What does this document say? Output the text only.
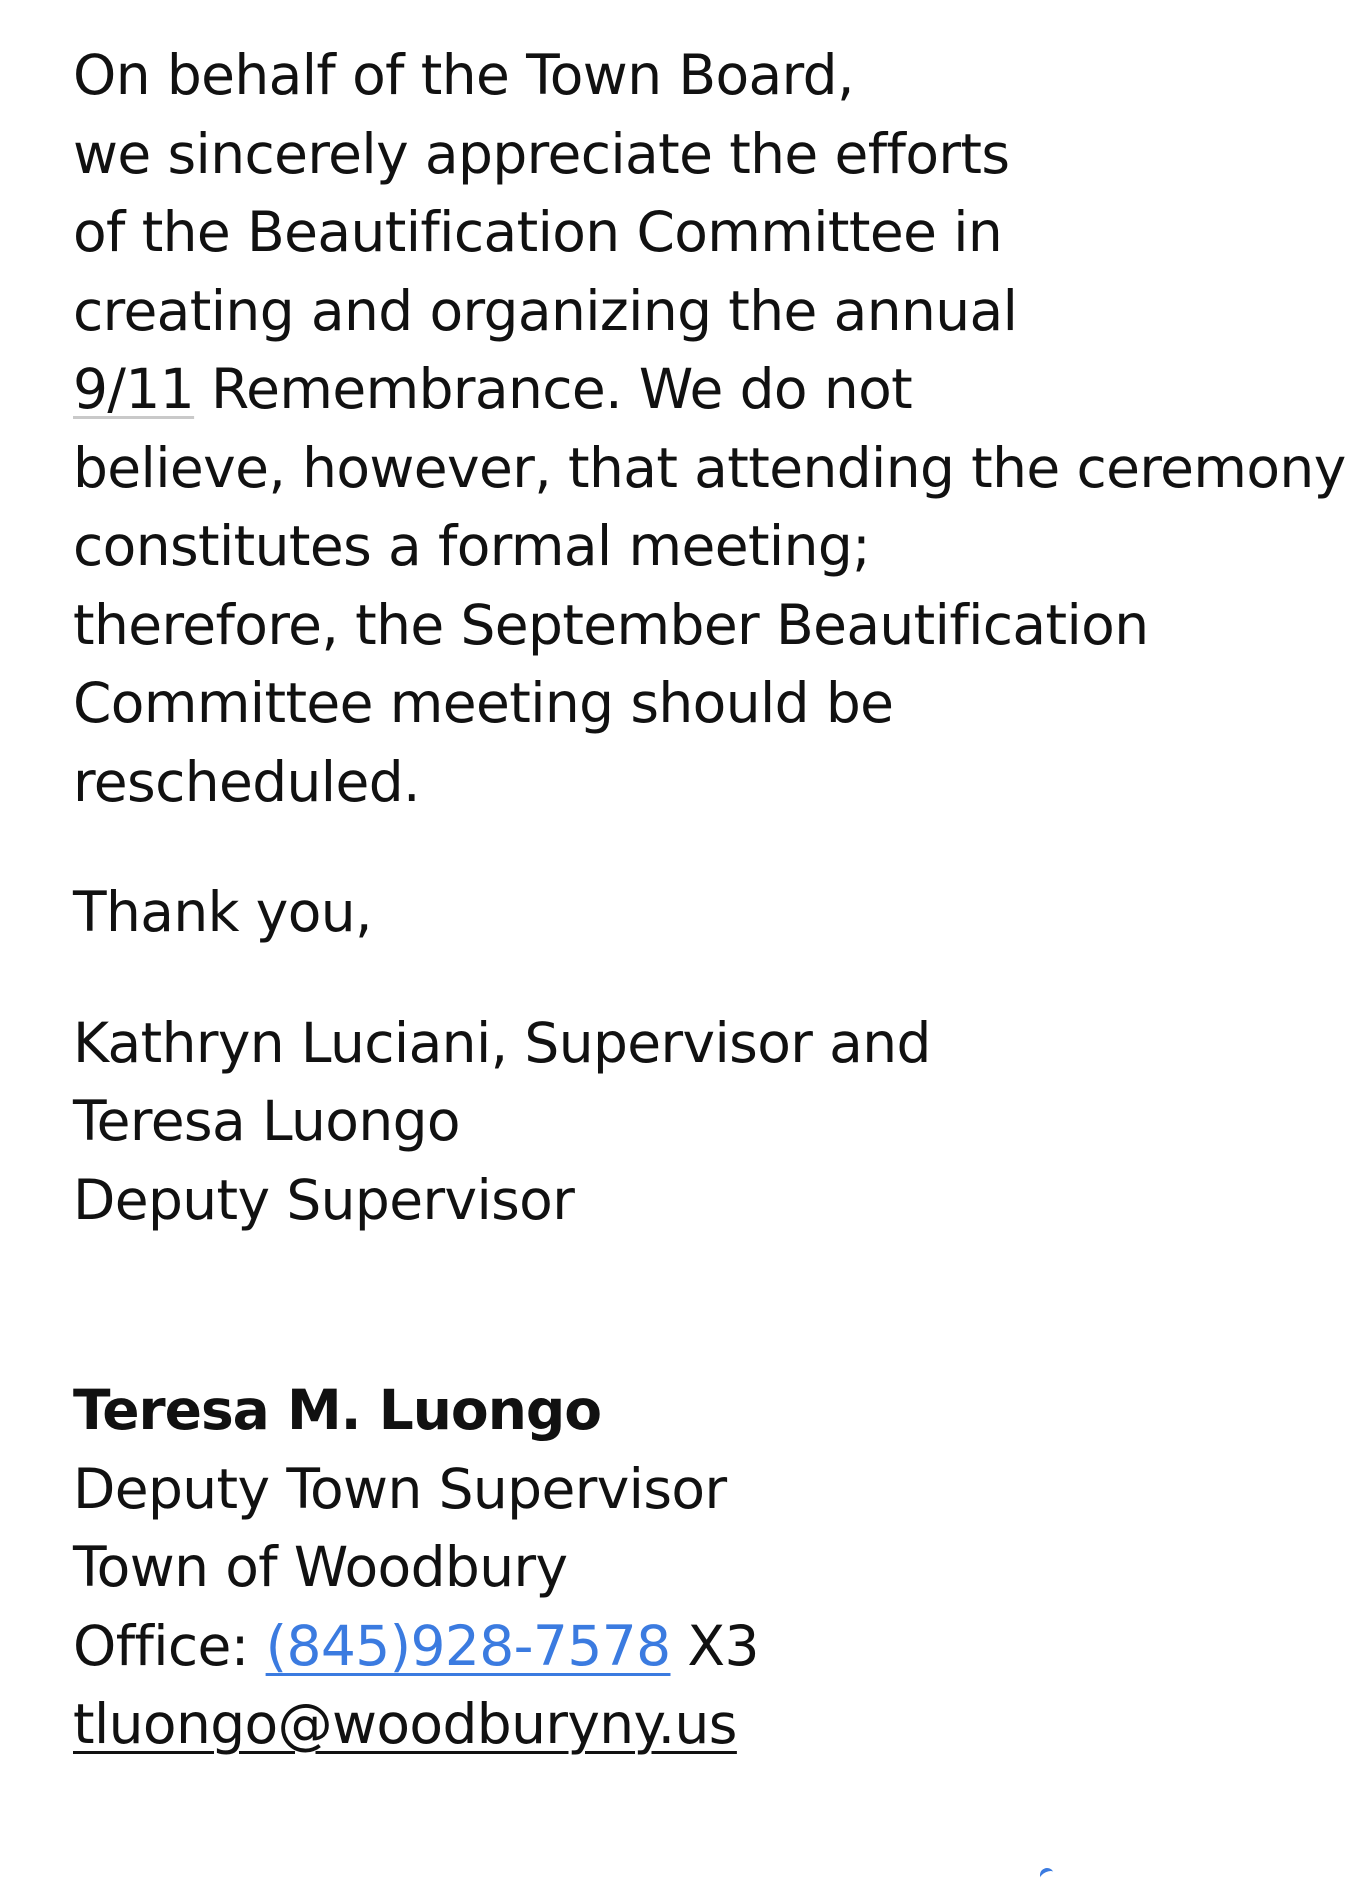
On behalf of the Town Board,
we sincerely appreciate the efforts
of the Beautification Committee in
creating and organizing the annual
9/11 Remembrance. We do not
believe, however, that attending the ceremony
constitutes a formal meeting;
therefore, the September Beautification
Committee meeting should be
rescheduled.

Thank you,

Kathryn Luciani, Supervisor and
Teresa Luongo
Deputy Supervisor

Teresa M. Luongo
Deputy Town Supervisor
Town of Woodbury
Office: (845)928-7578 X3
tluongo@woodburyny.us
